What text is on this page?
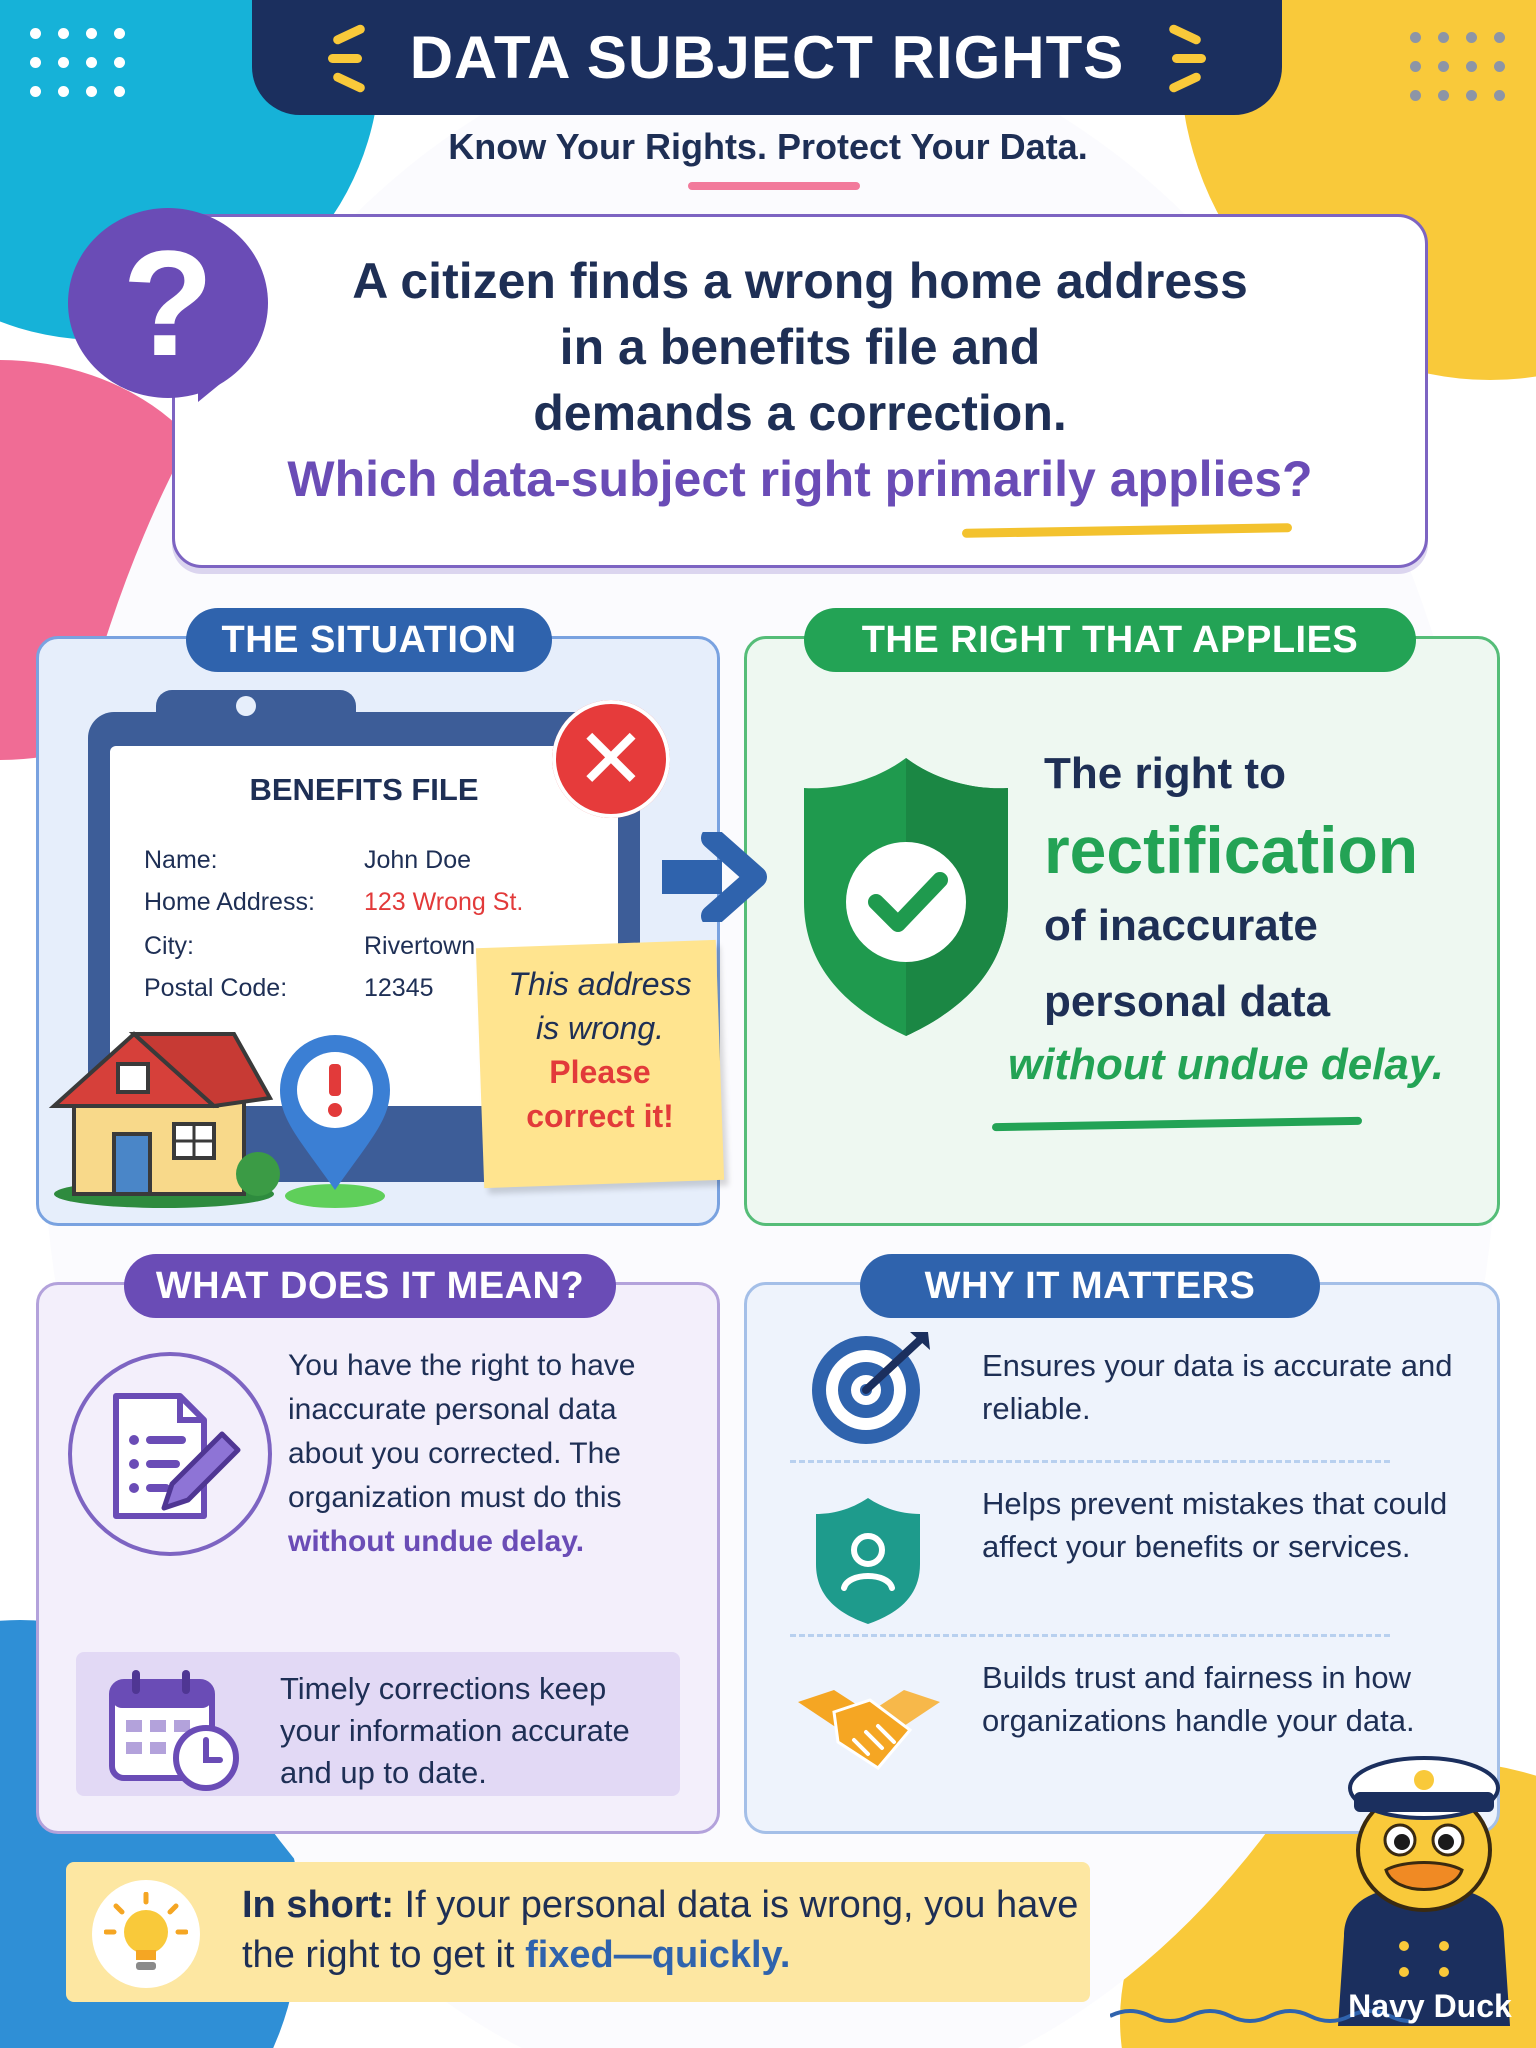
DATA SUBJECT RIGHTS
Know Your Rights. Protect Your Data.
?	A citizen finds a wrong home address
in a benefits file and
demands a correction.
Which data-subject right primarily applies?
THE SITUATION	THE RIGHT THAT APPLIES
WHAT DOES IT MEAN?	WHY IT MATTERS
BENEFITS FILE
Name:	John Doe
Home Address: 123 Wrong St.
City:	Rivertown
Postal Code:	12345
✕
This address
is wrong.
Please
correct it!
The right to
rectification
of inaccurate
personal data
without undue delay.
You have the right to have inaccurate personal data about you corrected. The organization must do this without undue delay.
Timely corrections keep your information accurate and up to date.
Ensures your data is accurate and reliable.
Helps prevent mistakes that could affect your benefits or services.
Builds trust and fairness in how organizations handle your data.
In short: If your personal data is wrong, you have the right to get it fixed—quickly.
Navy Duck
